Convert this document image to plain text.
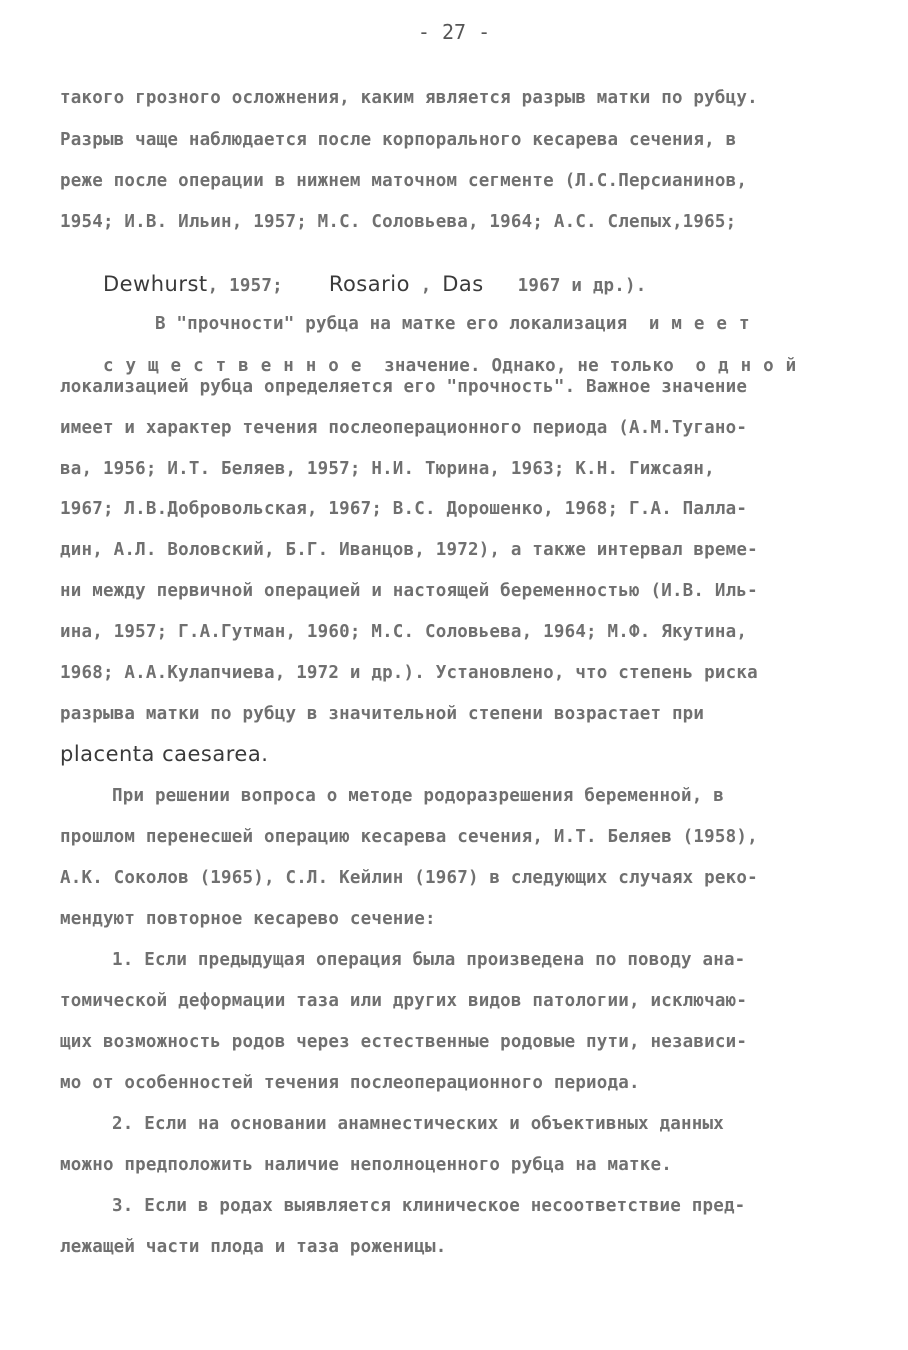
- 27 -
такого грозного осложнения, каким является разрыв матки по рубцу.
Разрыв чаще наблюдается после корпорального кесарева сечения, в
реже после операции в нижнем маточном сегменте (Л.С.Персианинов,
1954; И.В. Ильин, 1957; М.С. Соловьева, 1964; А.С. Слепых,1965;

Dewhurst, 1957; Rosario , Das 1967 и др.).

В "прочности" рубца на матке его локализация имеет

существенное значение. Однако, не только одной

локализацией рубца определяется его "прочность". Важное значение
имеет и характер течения послеоперационного периода (А.М.Тугано-
ва, 1956; И.Т. Беляев, 1957; Н.И. Тюрина, 1963; К.Н. Гижсаян,
1967; Л.В.Добровольская, 1967; В.С. Дорошенко, 1968; Г.А. Палла-
дин, А.Л. Воловский, Б.Г. Иванцов, 1972), а также интервал време-
ни между первичной операцией и настоящей беременностью (И.В. Иль-
ина, 1957; Г.А.Гутман, 1960; М.С. Соловьева, 1964; М.Ф. Якутина,
1968; А.А.Кулапчиева, 1972 и др.). Установлено, что степень риска
разрыва матки по рубцу в значительной степени возрастает при
placenta caesarea.
При решении вопроса о методе родоразрешения беременной, в
прошлом перенесшей операцию кесарева сечения, И.Т. Беляев (1958),
А.К. Соколов (1965), С.Л. Кейлин (1967) в следующих случаях реко-
мендуют повторное кесарево сечение:
1. Если предыдущая операция была произведена по поводу ана-
томической деформации таза или других видов патологии, исключаю-
щих возможность родов через естественные родовые пути, независи-
мо от особенностей течения послеоперационного периода.
2. Если на основании анамнестических и объективных данных
можно предположить наличие неполноценного рубца на матке.
3. Если в родах выявляется клиническое несоответствие пред-
лежащей части плода и таза роженицы.
